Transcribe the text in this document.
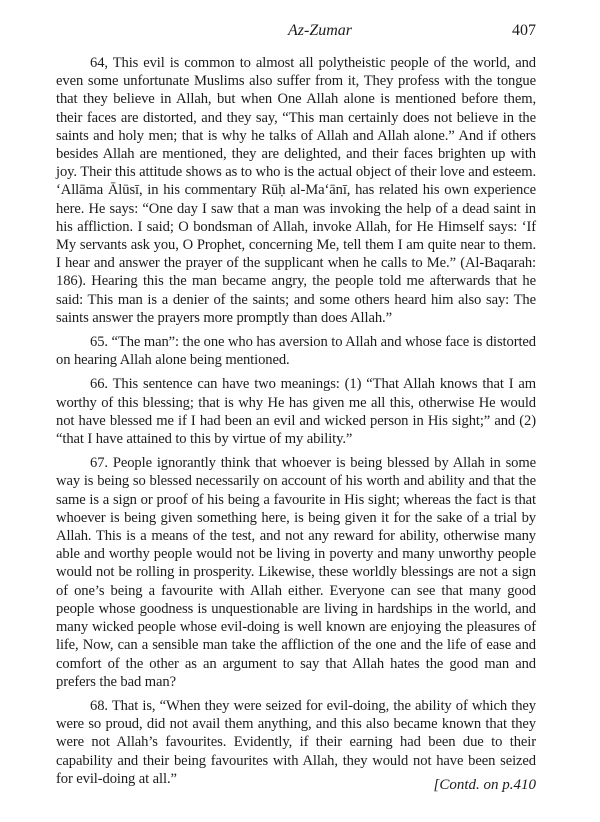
Az-Zumar	407

64, This evil is common to almost all polytheistic people of the world, and even some unfortunate Muslims also suffer from it, They profess with the tongue that they believe in Allah, but when One Allah alone is mentioned before them, their faces are distorted, and they say, “This man certainly does not believe in the saints and holy men; that is why he talks of Allah and Allah alone.” And if others besides Allah are mentioned, they are delighted, and their faces brighten up with joy. Their this attitude shows as to who is the actual object of their love and esteem. ‘Allāma Ālūsī, in his commentary Rūḥ al-Ma‘ānī, has related his own experience here. He says: “One day I saw that a man was invoking the help of a dead saint in his affliction. I said; O bondsman of Allah, invoke Allah, for He Himself says: ‘If My servants ask you, O Prophet, concerning Me, tell them I am quite near to them. I hear and answer the prayer of the supplicant when he calls to Me.” (Al-Baqarah: 186). Hearing this the man became angry, the people told me afterwards that he said: This man is a denier of the saints; and some others heard him also say: The saints answer the prayers more promptly than does Allah.”

65. “The man”: the one who has aversion to Allah and whose face is distorted on hearing Allah alone being mentioned.

66. This sentence can have two meanings: (1) “That Allah knows that I am worthy of this blessing; that is why He has given me all this, otherwise He would not have blessed me if I had been an evil and wicked person in His sight;” and (2) “that I have attained to this by virtue of my ability.”

67. People ignorantly think that whoever is being blessed by Allah in some way is being so blessed necessarily on account of his worth and ability and that the same is a sign or proof of his being a favourite in His sight; whereas the fact is that whoever is being given something here, is being given it for the sake of a trial by Allah. This is a means of the test, and not any reward for ability, otherwise many able and worthy people would not be living in poverty and many unworthy people would not be rolling in prosperity. Likewise, these worldly blessings are not a sign of one’s being a favourite with Allah either. Everyone can see that many good people whose goodness is unquestionable are living in hardships in the world, and many wicked people whose evil-doing is well known are enjoying the pleasures of life, Now, can a sensible man take the affliction of the one and the life of ease and comfort of the other as an argument to say that Allah hates the good man and prefers the bad man?

68. That is, “When they were seized for evil-doing, the ability of which they were so proud, did not avail them anything, and this also became known that they were not Allah’s favourites. Evidently, if their earning had been due to their capability and their being favourites with Allah, they would not have been seized for evil-doing at all.”	[Contd. on p.410
